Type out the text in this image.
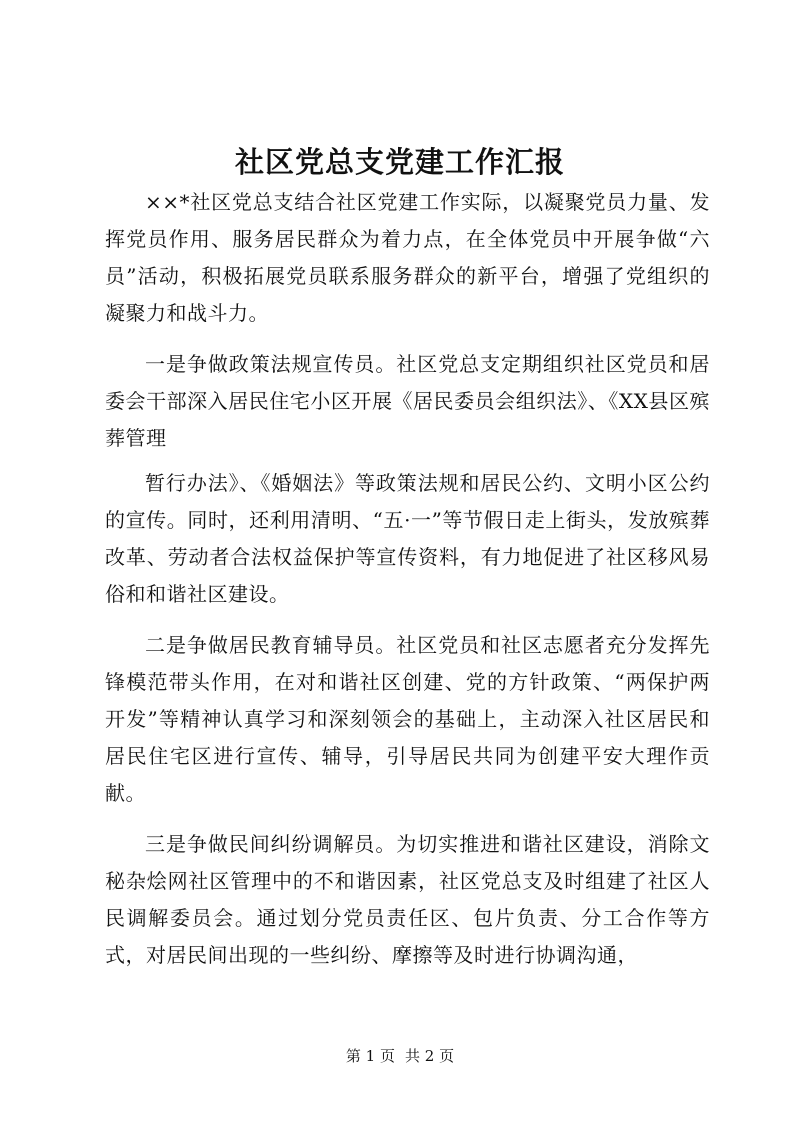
社区党总支党建工作汇报

××*社区党总支结合社区党建工作实际，以凝聚党员力量、发挥党员作用、服务居民群众为着力点，在全体党员中开展争做“六员”活动，积极拓展党员联系服务群众的新平台，增强了党组织的凝聚力和战斗力。

一是争做政策法规宣传员。社区党总支定期组织社区党员和居委会干部深入居民住宅小区开展《居民委员会组织法》、《XX县区殡葬管理

暂行办法》、《婚姻法》等政策法规和居民公约、文明小区公约的宣传。同时，还利用清明、“五·一”等节假日走上街头，发放殡葬改革、劳动者合法权益保护等宣传资料，有力地促进了社区移风易俗和和谐社区建设。

二是争做居民教育辅导员。社区党员和社区志愿者充分发挥先锋模范带头作用，在对和谐社区创建、党的方针政策、“两保护两开发”等精神认真学习和深刻领会的基础上，主动深入社区居民和居民住宅区进行宣传、辅导，引导居民共同为创建平安大理作贡献。

三是争做民间纠纷调解员。为切实推进和谐社区建设，消除文秘杂烩网社区管理中的不和谐因素，社区党总支及时组建了社区人民调解委员会。通过划分党员责任区、包片负责、分工合作等方式，对居民间出现的一些纠纷、摩擦等及时进行协调沟通，

第 1 页 共 2 页
